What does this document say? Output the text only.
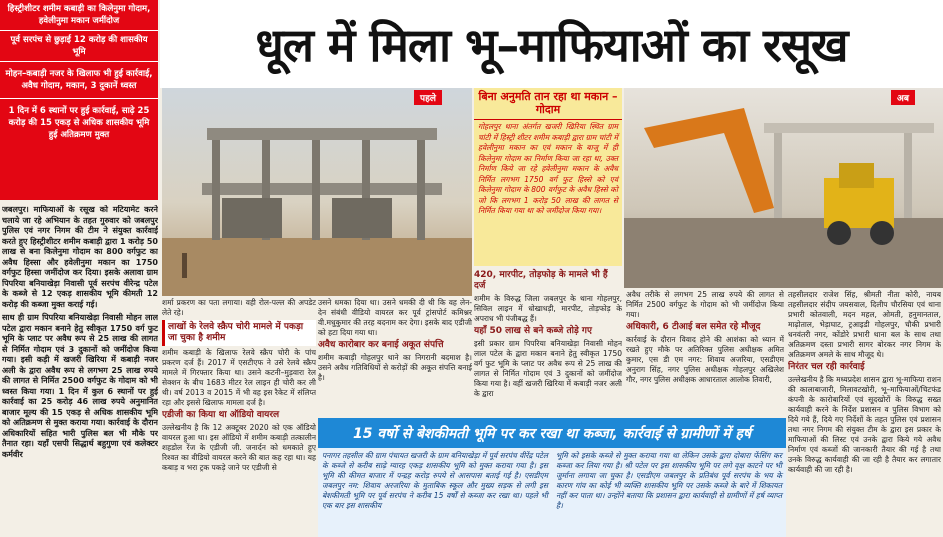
हिस्ट्रीशीटर शमीम कबाड़ी का किलेनुमा गोदाम, हवेलीनुमा मकान जमींदोज
पूर्व सरपंच से छुड़ाई 12 करोड़ की शासकीय भूमि
मोहन–कबाड़ी नजर के खिलाफ भी हुई कार्रवाई, अवैध गोदाम, मकान, 3 दुकानें ध्वस्त
1 दिन में 6 स्थानों पर हुई कार्रवाई, साढ़े 25 करोड़ की 15 एकड़ से अधिक शासकीय भूमि हुई अतिक्रमण मुक्त
धूल में मिला भू–माफियाओं का रसूख

जबलपुर। माफियाओं के रसूख को मटियामेट करने चलाये जा रहे अभियान के तहत गुरुवार को जबलपुर पुलिस एवं नगर निगम की टीम ने संयुक्त कार्रवाई करते हुए हिस्ट्रीशीटर शमीम कबाड़ी द्वारा 1 करोड़ 50 लाख से बना किलेनुमा गोदाम का 800 वर्गफुट का अवैध हिस्सा और हवेलीनुमा मकान का 1750 वर्गफुट हिस्सा जमींदोज कर दिया। इसके अलावा ग्राम पिपरिया बनियाखेड़ा निवासी पूर्व सरपंच वीरेन्द्र पटेल के कब्जे से 12 एकड़ शासकीय भूमि कीमती 12 करोड़ की कब्जा मुक्त कराई गई।

साथ ही ग्राम पिपरिया बनियाखेड़ा निवासी मोहन लाल पटेल द्वारा मकान बनाने हेतु स्वीकृत 1750 वर्ग फुट भूमि के प्लाट पर अवैध रूप से 25 लाख की लागत से निर्मित गोदाम एवं 3 दुकानों को जमींदोज किया गया। इसी कड़ी में खजरी खिरिया में कबाड़ी नजर अली के द्वारा अवैध रूप से लगभग 25 लाख रुपये की लागत से निर्मित 2500 वर्गफुट के गोदाम को भी ध्वस्त किया गया। 1 दिन में कुल 6 स्थानों पर हुई कार्रवाई का 25 करोड़ 46 लाख रुपये अनुमानित बाजार मूल्य की 15 एकड़ से अधिक शासकीय भूमि को अतिक्रमण से मुक्त कराया गया। कार्रवाई के दौरान अधिकारियों सहित भारी पुलिस बल भी मौके पर तैनात रहा। यहाँ एसपी सिद्धार्थ बहुगुणा एवं कलेक्टर कर्मवीर

पहले	बिना अनुमति तान रहा था मकान – गोदाम
गोहलपुर थाना अंतर्गत खजरी खिरिया स्थित ग्राम चांटी में हिस्ट्री शीटर शमीम कबाड़ी द्वारा ग्राम चांटी में हवेलीनुमा मकान का एवं मकान के बाजू में ही किलेनुमा गोदाम का निर्माण किया जा रहा था, उक्त निर्माण किये जा रहे हवेलीनुमा मकान के अवैध निर्मित लगभग 1750 वर्ग फुट हिस्से को एवं किलेनुमा गोदाम के 800 वर्गफुट के अवैध हिस्से को जो कि लगभग 1 करोड़ 50 लाख की लागत से निर्मित किया गया था को जमींदोज किया गया।
अब
शर्मा प्रकरण का पता लगाया। वही रोल-पल्ल की अपडेट लेते रहे।
लाखों के रेलवे स्क्रैप चोरी मामले में पकड़ा जा चुका है शमीम
शमीम कबाड़ी के खिलाफ रेलवे स्क्रैप चोरी के पांच प्रकरण दर्ज हैं। 2017 में एसटीएफ ने उसे रेलवे स्क्रैप मामले में गिरफ्तार किया था। उसने कटनी–मुड़वारा रेल सेक्शन के बीच 1683 मीटर रेल लाइन ही चोरी कर ली थी। वर्ष 2013 व 2015 में भी वह इस रैकेट में संलिप्त रहा और इससे खिलाफ मामला दर्ज है।
एडीजी का किया था ऑडियो वायरल
उल्लेखनीय है कि 12 अक्टूबर 2020 को एक ऑडियो वायरल हुआ था। इस ऑडियो में शमीम कबाड़ी तत्कालीन शहडोल रेंज के एडीजी जी. जनार्दन को धमकाते हुए रिश्वत का वीडियो वायरल करने की बात कह रहा था। यह कबाड़ व भरा ट्रक पकड़े जाने पर एडीजी से
उसने धमका दिया था। उसने धमकी दी थी कि वह लेन-देन संबंधी वीडियो वायरल कर पूर्व ट्रांसपोर्ट कमिश्नर वी.मधुकुमार की तरह बदनाम कर देगा। इसके बाद एडीजी को हटा दिया गया था।
अवैध कारोबार कर बनाई अकूत संपत्ति
शमीम कबाड़ी गोहलपुर थाने का निगरानी बदमाश है। उसने अवैध गतिविधियों से करोड़ों की अकूत संपत्ति बनाई है।
420, मारपीट, तोड़फोड़ के मामले भी हैं दर्ज
शमीम के विरुद्ध जिला जबलपुर के थाना गोहलपुर, सिविल लाइन में धोखाधड़ी, मारपीट, तोड़फोड़ के अपराध भी पंजीबद्ध हैं।
यहाँ 50 लाख से बने कब्जे तोड़े गए
इसी प्रकार ग्राम पिपरिया बनियाखेड़ा निवासी मोहन लाल पटेल के द्वारा मकान बनाने हेतु स्वीकृत 1750 वर्ग फुट भूमि के प्लाट पर अवैध रूप से 25 लाख की लागत से निर्मित गोदाम एवं 3 दुकानों को जमींदोज किया गया है। वहीं खजरी खिरिया में कबाड़ी नजर अली के द्वारा
अवैध तरीके से लगभग 25 लाख रुपये की लागत से निर्मित 2500 वर्गफुट के गोदाम को भी जमींदोज किया गया।
अधिकारी, 6 टीआई बल समेत रहे मौजूद
कार्रवाई के दौरान विवाद होने की आशंका को ध्यान में रखते हुए मौके पर अतिरिक्त पुलिस अधीक्षक अमित कुमार, एस डी एम नगर: शिवाय अजरिया, एसडीएम अनुराग सिंह, नगर पुलिस अधीक्षक गोहलपुर अखिलेश गौर, नगर पुलिस अधीक्षक आधारताल आलोक तिवारी,
तहसीलदार राजेश सिंह, श्रीमती नीता कोरी, नायब तहसीलदार संदीप जयसवाल, दिलीप चौरसिया एवं थाना प्रभारी कोतवाली, मदन महल, ओमती, हनुमानताल, माढ़ोताल, भेड़ाघाट, ट्रआइडी गोहलपुर, चौकी प्रभारी धनवंतरी नगर, कोंडोरे प्रभारी थाना बल के साथ तथा अतिक्रमण दस्ता प्रभारी सागर बोरकर नगर निगम के अतिक्रमण अमले के साथ मौजूद थे।
निरंतर चल रही कार्रवाई
उल्लेखनीय है कि मध्यप्रदेश शासन द्वारा भू-माफिया राशन की कालाबाजारी, मिलावटखोरी, भू–माफियाओं/चिटफंड कंपनी के कारोबारियों एवं सूदखोरों के विरुद्ध सख्त कार्यवाही करने के निर्देश प्रशासन व पुलिस विभाग को दिये गये हैं, दिये गए निर्देशों के तहत पुलिस एवं प्रशासन तथा नगर निगम की संयुक्त टीम के द्वारा इस प्रकार के माफियाओं की लिस्ट एवं उनके द्वारा किये गये अवैध निर्माण एवं कब्जों की जानकारी तैयार की गई है तथा उनके विरुद्ध कार्यवाही की जा रही है तैयार कर लगातार कार्यवाही की जा रही है।
15 वर्षो से बेशकीमती भूमि पर कर रखा था कब्जा, कार्रवाई से ग्रामीणों में हर्ष
पनागर तहसील की ग्राम पंचायत खजरी के ग्राम बनियाखेड़ा में पूर्व सरपंच वीरेंद्र पटेल के कब्जे से करीब साढ़े ग्यारह एकड़ शासकीय भूमि को मुक्त कराया गया है। इस भूमि की कीमत बाजार में पन्द्रह करोड़ रुपये से आसपास बताई गई है। एसडीएम जबलपुर नम: शिवाय अरजरिया के मुताबिक स्कूल और मुख्य सड़क से लगी इस बेशकीमती भूमि पर पूर्व सरपंच ने करीब 15 वर्षों से कब्जा कर रखा था। पहले भी एक बार इस शासकीय
भूमि को इसके कब्जे से मुक्त कराया गया था लेकिन उसके द्वारा दोबारा फेंसिंग कर कब्जा कर लिया गया है। श्री पटेल पर इस शासकीय भूमि पर लगे वृक्ष काटने पर भी जुर्माना लगाया जा चुका है। एसडीएम जबलपुर के प्रतिबंध पूर्व सरपंच के भय के कारण गांव का कोई भी व्यक्ति शासकीय भूमि पर उसके कब्जे के बारे में शिकायत नहीं कर पाता था। उन्होंने बताया कि प्रशासन द्वारा कार्यवाही से ग्रामीणों में हर्ष व्याप्त है।
